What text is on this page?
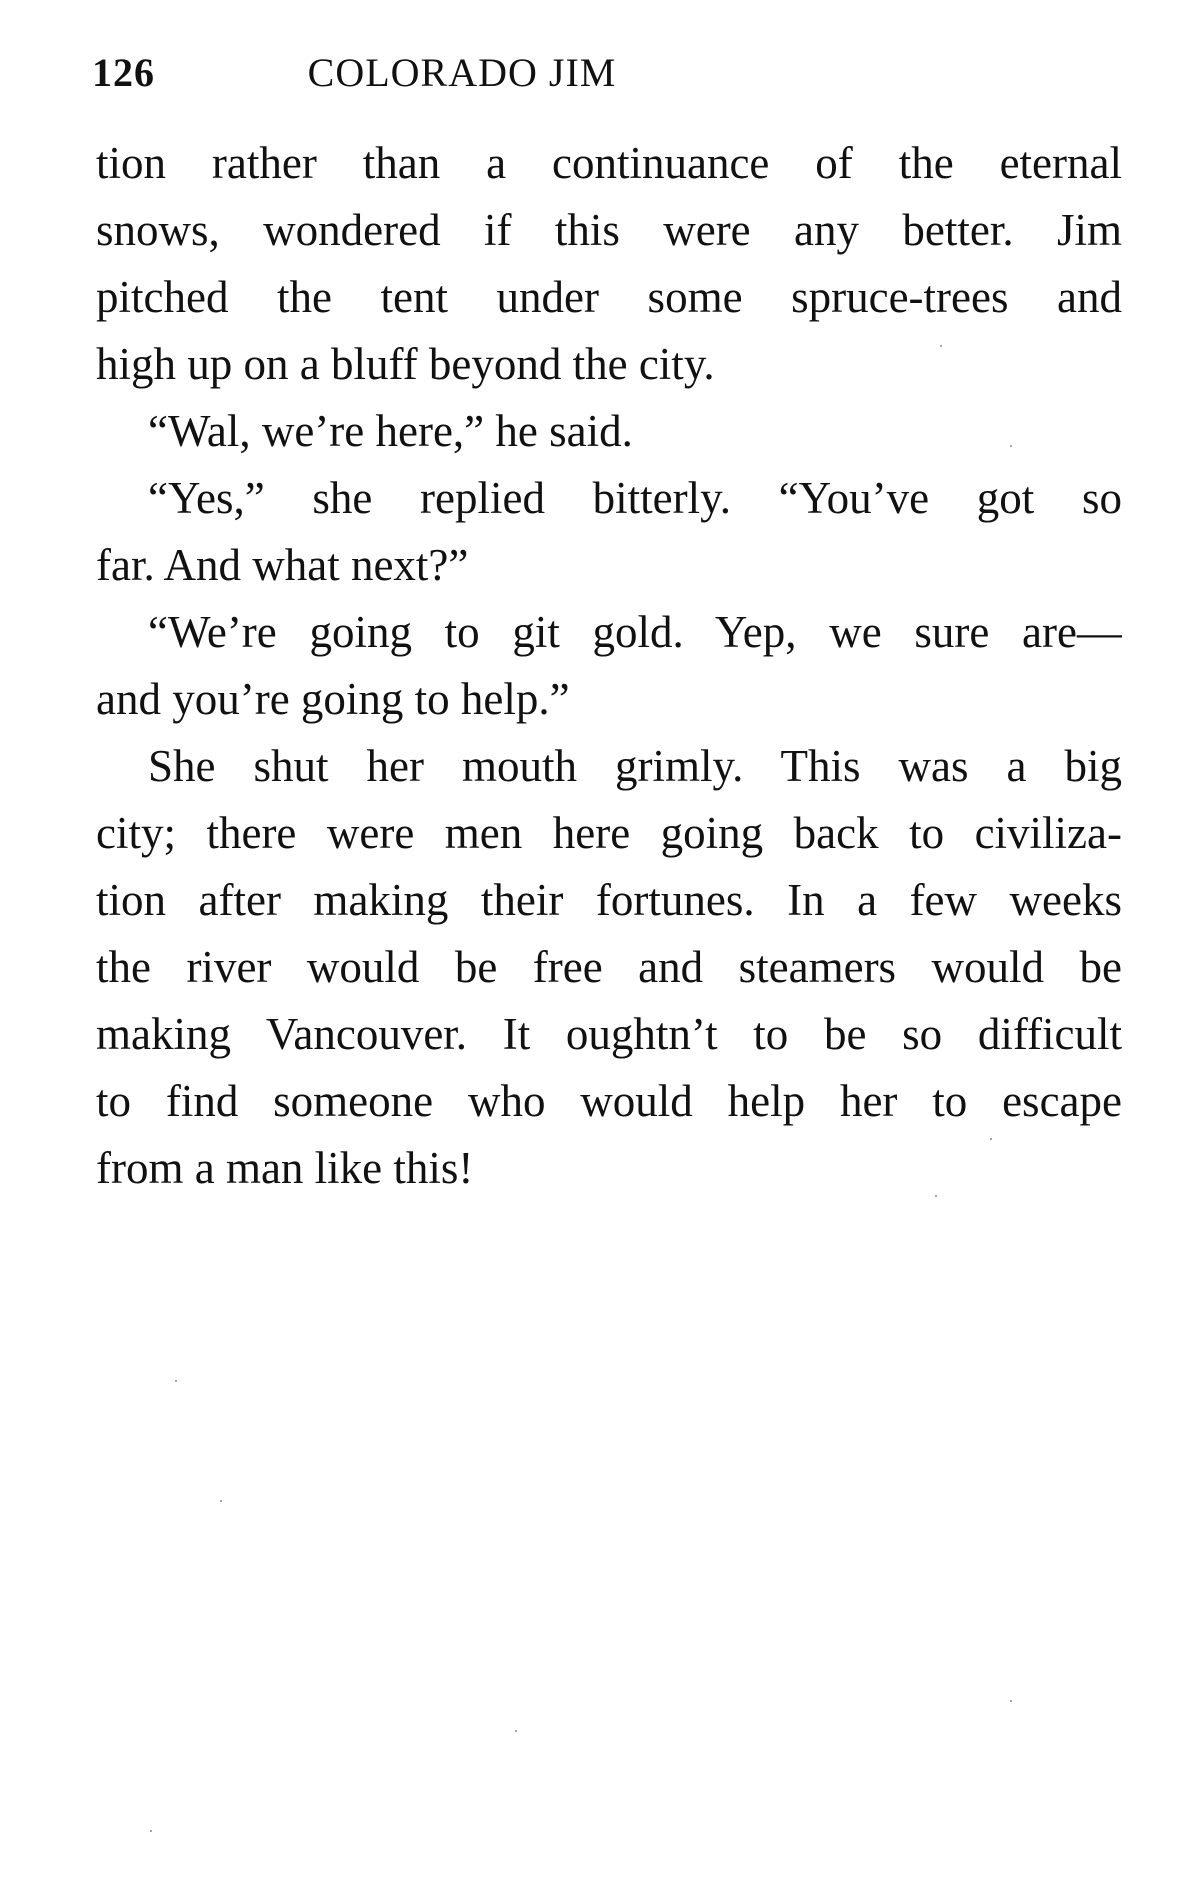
126	COLORADO JIM
tion rather than a continuance of the eternal
snows, wondered if this were any better. Jim
pitched the tent under some spruce-trees and
high up on a bluff beyond the city.
“Wal, we’re here,” he said.
“Yes,” she replied bitterly. “You’ve got so
far. And what next?”
“We’re going to git gold. Yep, we sure are—
and you’re going to help.”
She shut her mouth grimly. This was a big
city; there were men here going back to civiliza-
tion after making their fortunes. In a few weeks
the river would be free and steamers would be
making Vancouver. It oughtn’t to be so difficult
to find someone who would help her to escape
from a man like this!
